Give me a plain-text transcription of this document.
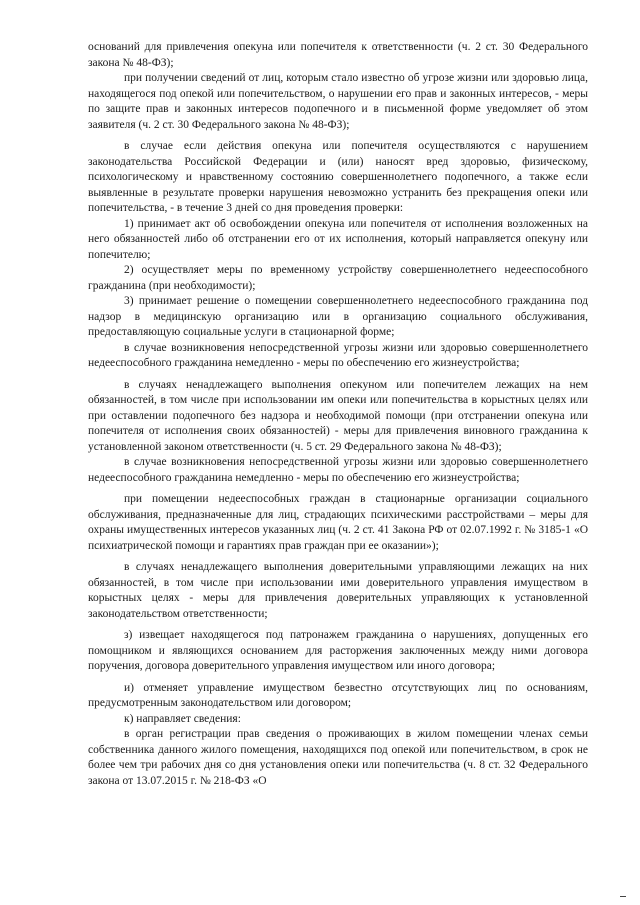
оснований для привлечения опекуна или попечителя к ответственности (ч. 2 ст. 30 Федерального закона № 48-ФЗ);

при получении сведений от лиц, которым стало известно об угрозе жизни или здоровью лица, находящегося под опекой или попечительством, о нарушении его прав и законных интересов, - меры по защите прав и законных интересов подопечного и в письменной форме уведомляет об этом заявителя (ч. 2 ст. 30 Федерального закона № 48-ФЗ);

в случае если действия опекуна или попечителя осуществляются с нарушением законодательства Российской Федерации и (или) наносят вред здоровью, физическому, психологическому и нравственному состоянию совершеннолетнего подопечного, а также если выявленные в результате проверки нарушения невозможно устранить без прекращения опеки или попечительства, - в течение 3 дней со дня проведения проверки:

1) принимает акт об освобождении опекуна или попечителя от исполнения возложенных на него обязанностей либо об отстранении его от их исполнения, который направляется опекуну или попечителю;

2) осуществляет меры по временному устройству совершеннолетнего недееспособного гражданина (при необходимости);

3) принимает решение о помещении совершеннолетнего недееспособного гражданина под надзор в медицинскую организацию или в организацию социального обслуживания, предоставляющую социальные услуги в стационарной форме;

в случае возникновения непосредственной угрозы жизни или здоровью совершеннолетнего недееспособного гражданина немедленно - меры по обеспечению его жизнеустройства;

в случаях ненадлежащего выполнения опекуном или попечителем лежащих на нем обязанностей, в том числе при использовании им опеки или попечительства в корыстных целях или при оставлении подопечного без надзора и необходимой помощи (при отстранении опекуна или попечителя от исполнения своих обязанностей) - меры для привлечения виновного гражданина к установленной законом ответственности (ч. 5 ст. 29 Федерального закона № 48-ФЗ);

в случае возникновения непосредственной угрозы жизни или здоровью совершеннолетнего недееспособного гражданина немедленно - меры по обеспечению его жизнеустройства;

при помещении недееспособных граждан в стационарные организации социального обслуживания, предназначенные для лиц, страдающих психическими расстройствами – меры для охраны имущественных интересов указанных лиц (ч. 2 ст. 41 Закона РФ от 02.07.1992 г. № 3185-1 «О психиатрической помощи и гарантиях прав граждан при ее оказании»);

в случаях ненадлежащего выполнения доверительными управляющими лежащих на них обязанностей, в том числе при использовании ими доверительного управления имуществом в корыстных целях - меры для привлечения доверительных управляющих к установленной законодательством ответственности;

з) извещает находящегося под патронажем гражданина о нарушениях, допущенных его помощником и являющихся основанием для расторжения заключенных между ними договора поручения, договора доверительного управления имуществом или иного договора;

и) отменяет управление имуществом безвестно отсутствующих лиц по основаниям, предусмотренным законодательством или договором;

к) направляет сведения:

в орган регистрации прав сведения о проживающих в жилом помещении членах семьи собственника данного жилого помещения, находящихся под опекой или попечительством, в срок не более чем три рабочих дня со дня установления опеки или попечительства (ч. 8 ст. 32 Федерального закона от 13.07.2015 г. № 218-ФЗ «О
